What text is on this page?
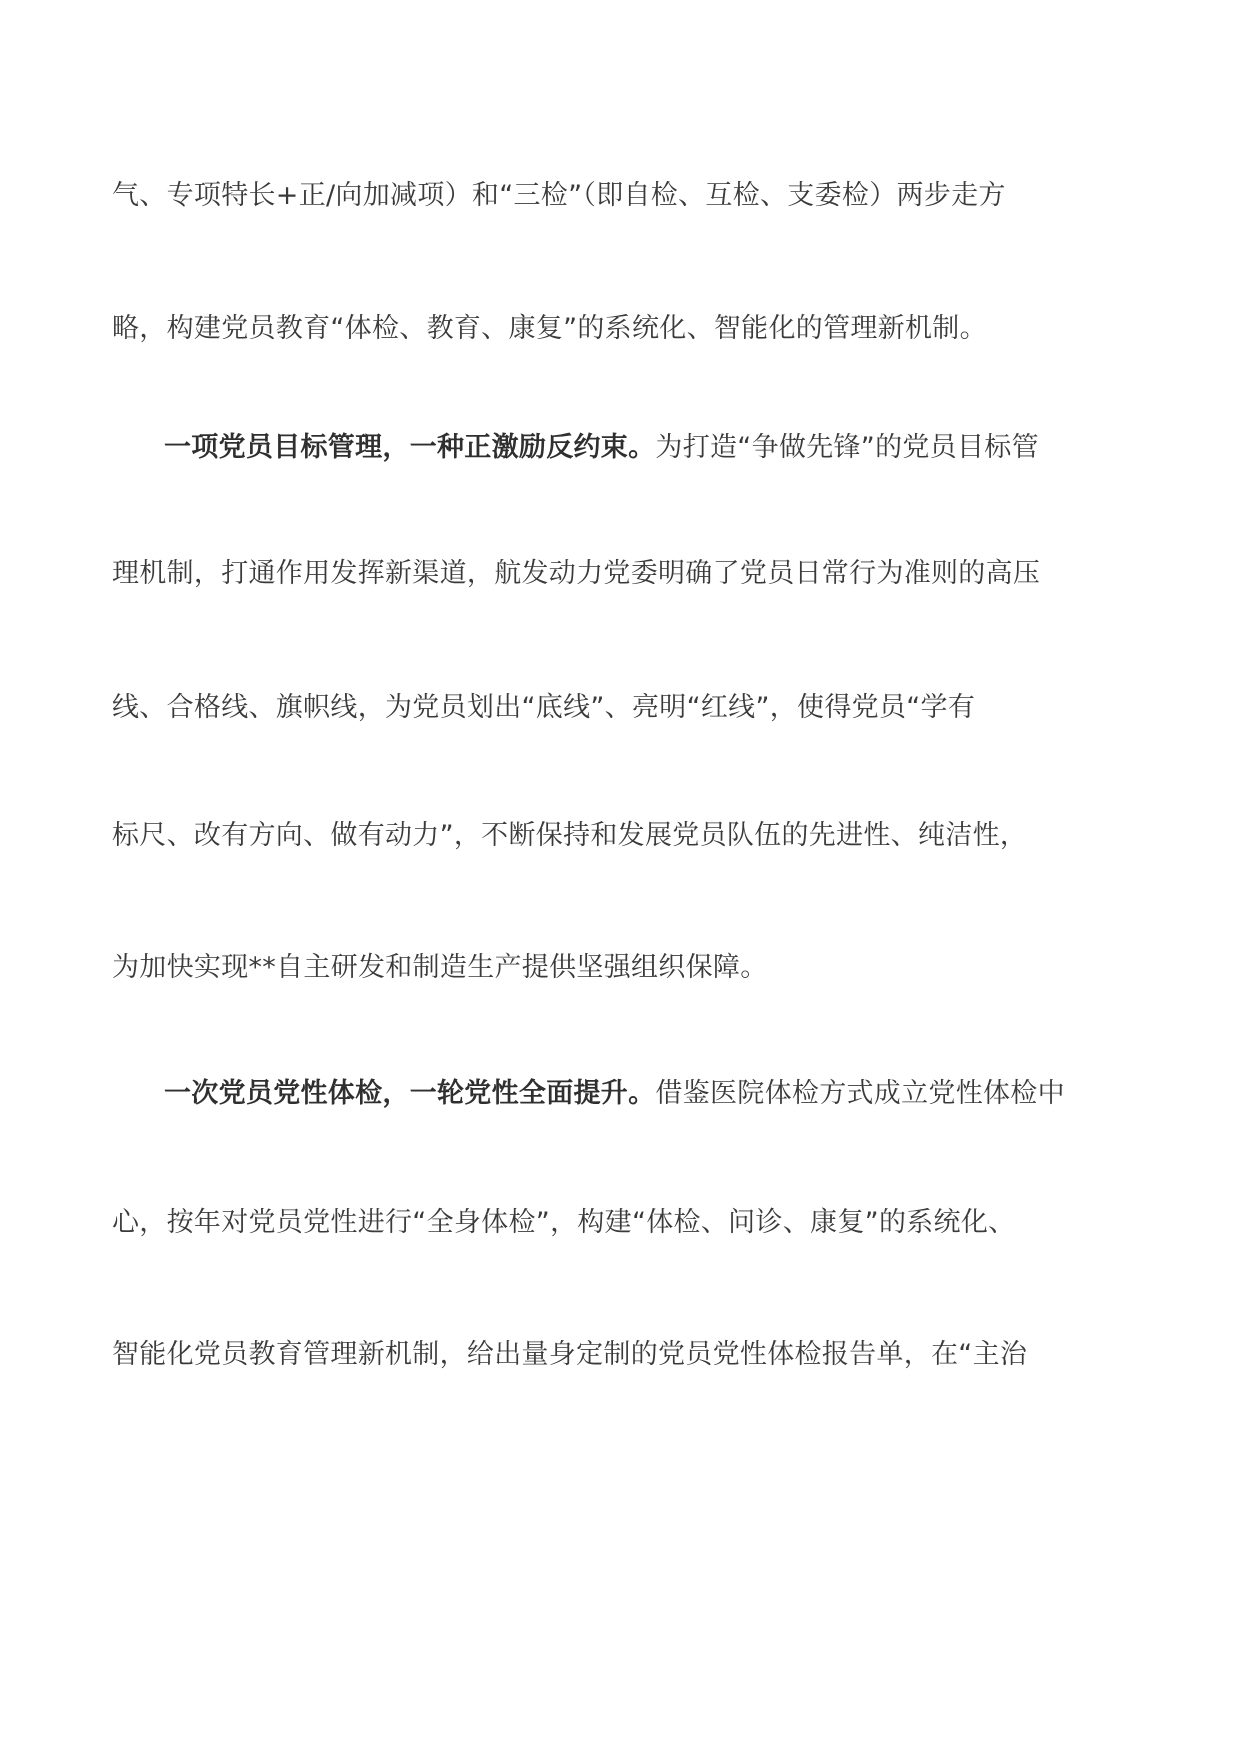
气、专项特长+正/向加减项）和“三检”（即自检、互检、支委检）两步走方
略，构建党员教育“体检、教育、康复”的系统化、智能化的管理新机制。
一项党员目标管理，一种正激励反约束。为打造“争做先锋”的党员目标管
理机制，打通作用发挥新渠道，航发动力党委明确了党员日常行为准则的高压
线、合格线、旗帜线，为党员划出“底线”、亮明“红线”，使得党员“学有
标尺、改有方向、做有动力”，不断保持和发展党员队伍的先进性、纯洁性，
为加快实现**自主研发和制造生产提供坚强组织保障。
一次党员党性体检，一轮党性全面提升。借鉴医院体检方式成立党性体检中
心，按年对党员党性进行“全身体检”，构建“体检、问诊、康复”的系统化、
智能化党员教育管理新机制，给出量身定制的党员党性体检报告单，在“主治
